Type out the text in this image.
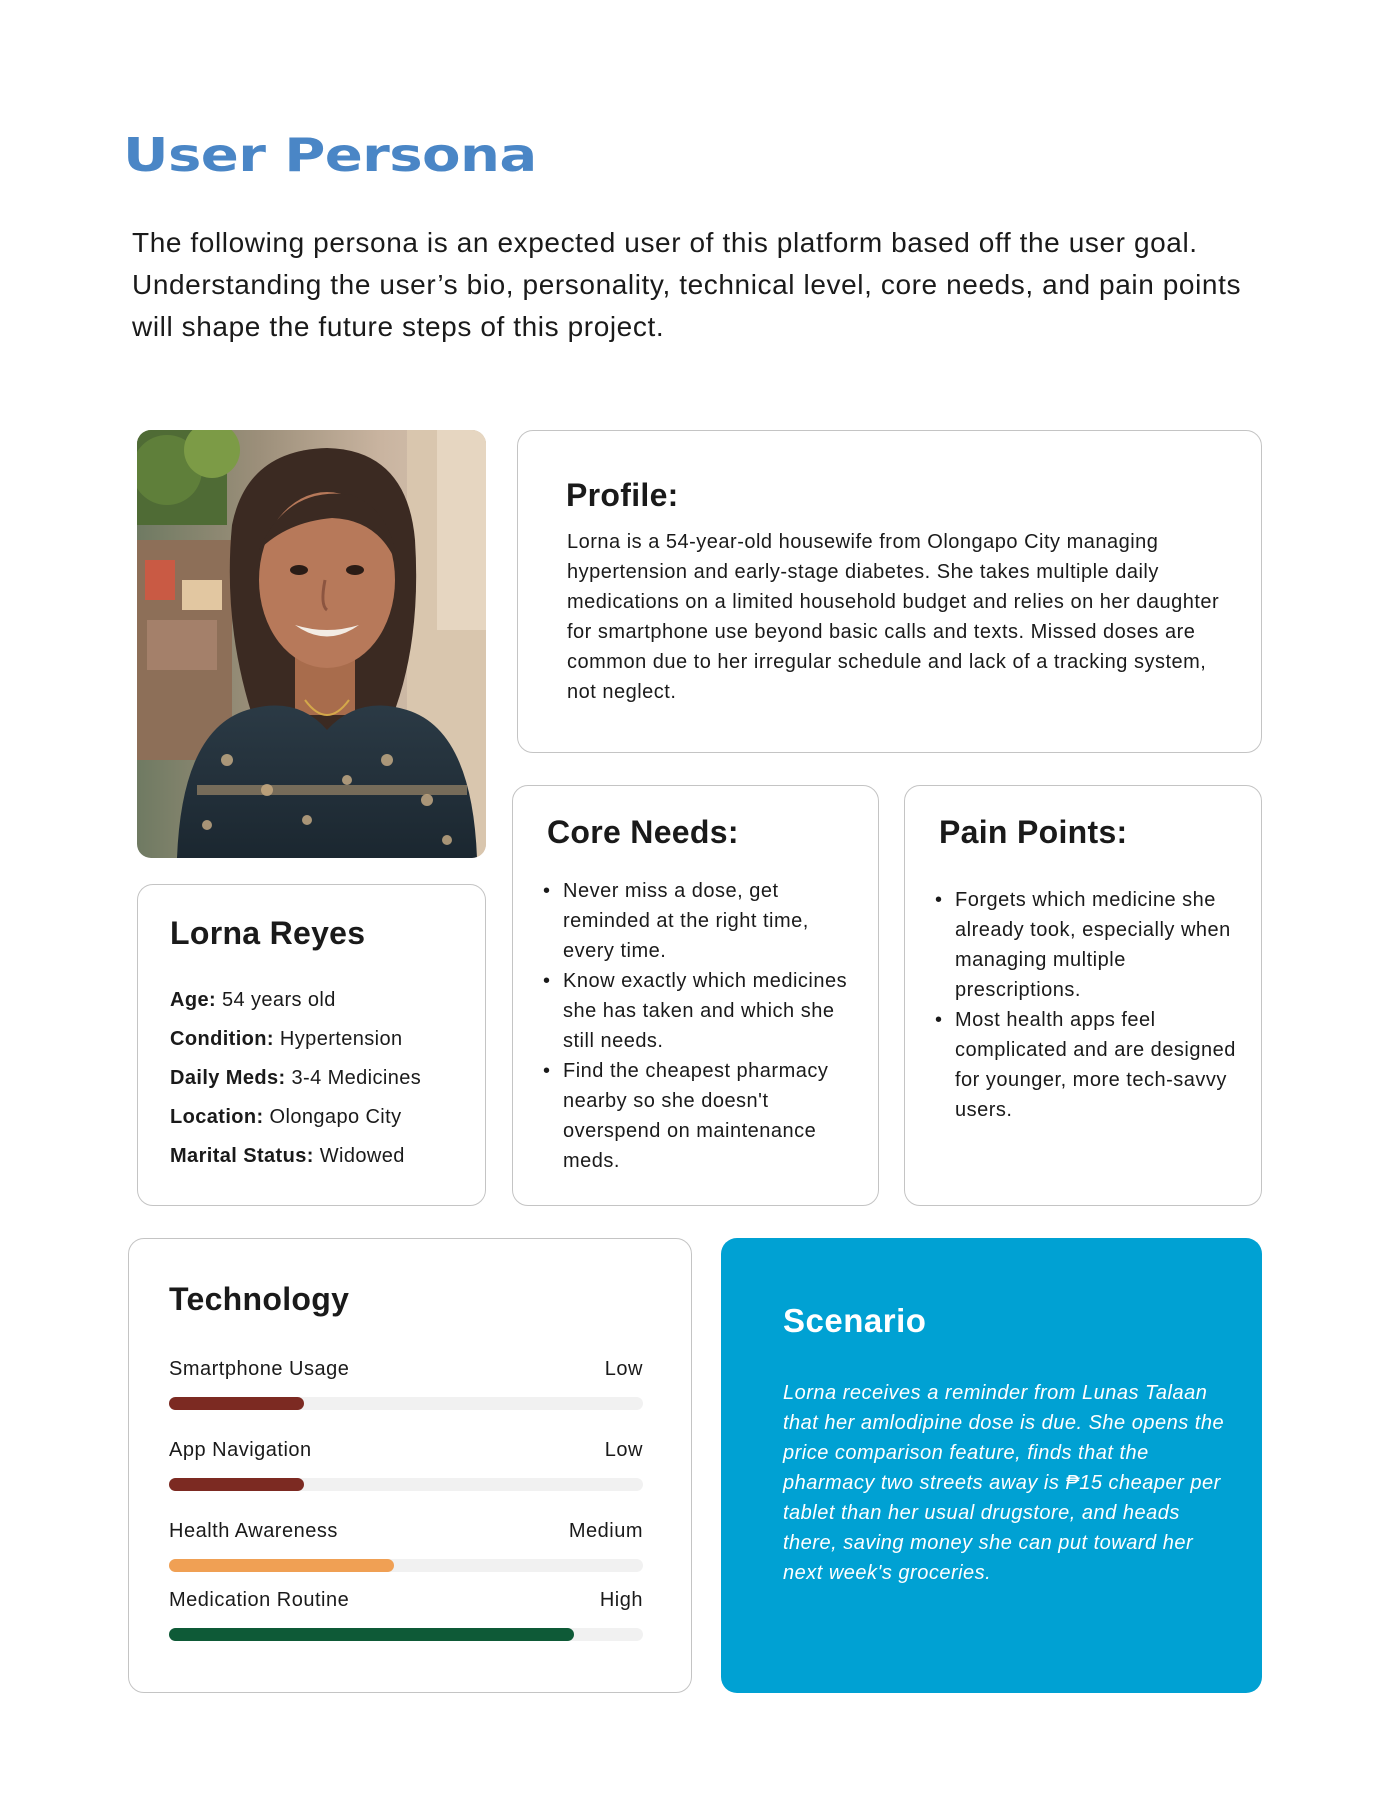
User Persona
The following persona is an expected user of this platform based off the user goal. Understanding the user’s bio, personality, technical level, core needs, and pain points will shape the future steps of this project.
Profile:

Lorna is a 54-year-old housewife from Olongapo City managing hypertension and early-stage diabetes. She takes multiple daily medications on a limited household budget and relies on her daughter for smartphone use beyond basic calls and texts. Missed doses are common due to her irregular schedule and lack of a tracking system, not neglect.

Lorna Reyes
Age: 54 years old
Condition: Hypertension
Daily Meds: 3-4 Medicines
Location: Olongapo City
Marital Status: Widowed
Core Needs:
• Never miss a dose, get reminded at the right time, every time.
• Know exactly which medicines she has taken and which she still needs.
• Find the cheapest pharmacy nearby so she doesn't overspend on maintenance meds.
Pain Points:
• Forgets which medicine she already took, especially when managing multiple prescriptions.
• Most health apps feel complicated and are designed for younger, more tech-savvy users.
Technology
Smartphone Usage	Low
App Navigation	Low
Health Awareness	Medium
Medication Routine	High
Scenario

Lorna receives a reminder from Lunas Talaan that her amlodipine dose is due. She opens the price comparison feature, finds that the pharmacy two streets away is ₱15 cheaper per tablet than her usual drugstore, and heads there, saving money she can put toward her next week's groceries.
